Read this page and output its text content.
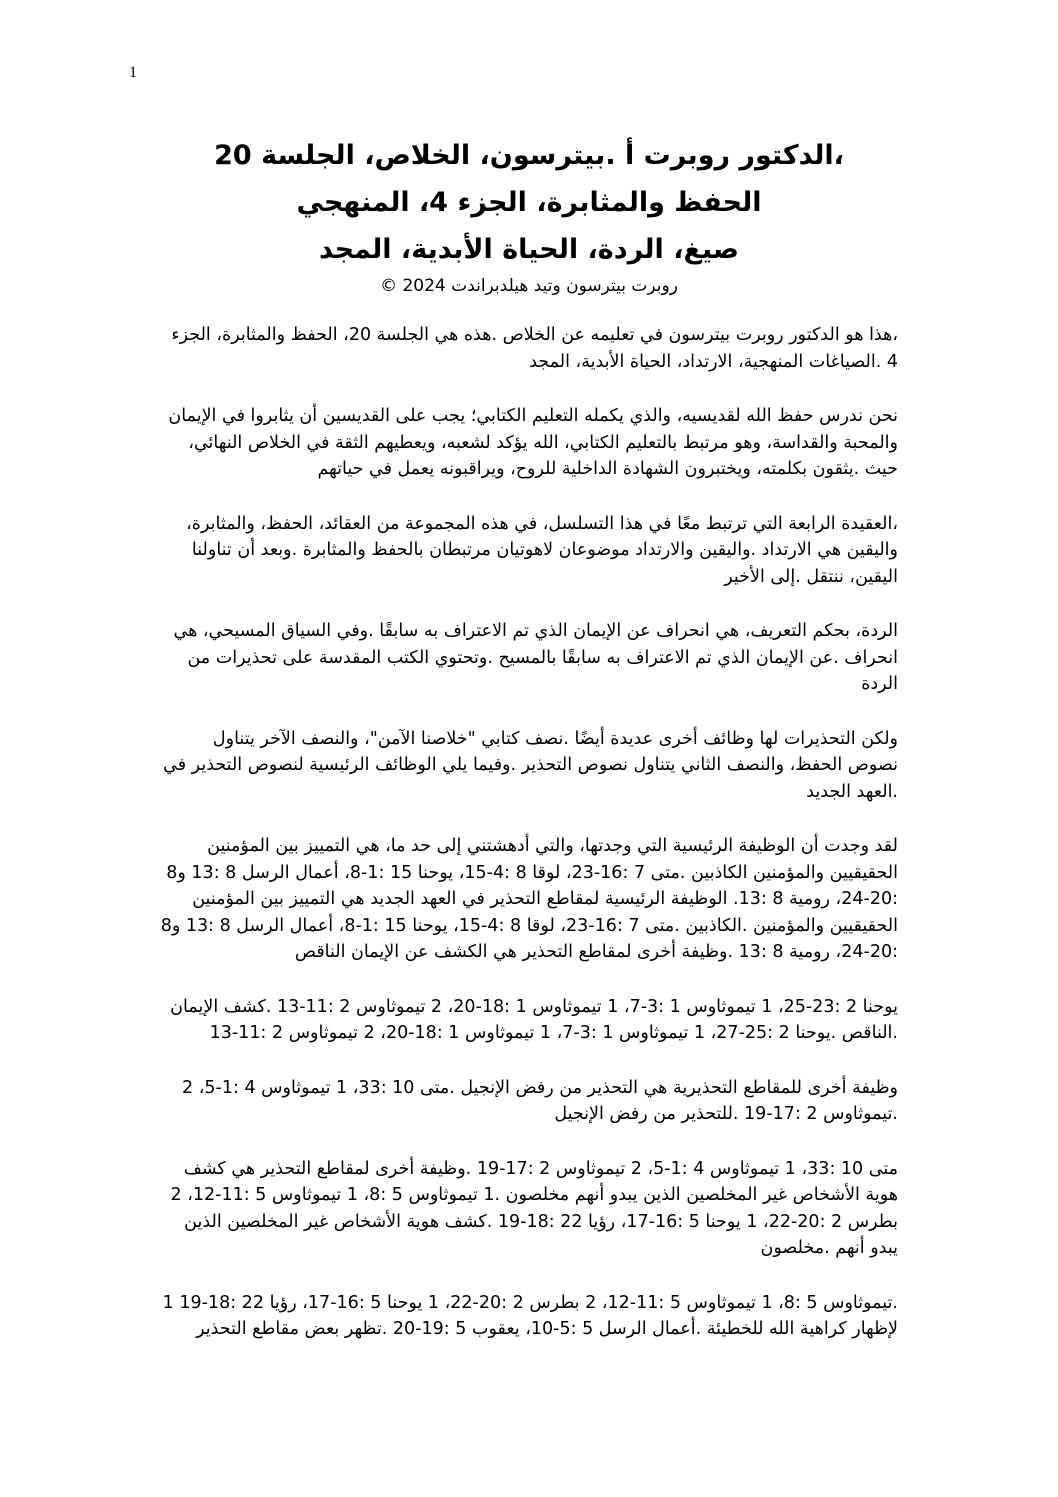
1

،الدكتور روبرت أ .بيترسون، الخلاص، الجلسة 20

الحفظ والمثابرة، الجزء 4، المنهجي

صيغ، الردة، الحياة الأبدية، المجد

روبرت بيترسون وتيد هيلدبراندت 2024 ©

،هذا هو الدكتور روبرت بيترسون في تعليمه عن الخلاص .هذه هي الجلسة 20، الحفظ والمثابرة، الجزء 4 .الصياغات المنهجية، الارتداد، الحياة الأبدية، المجد

نحن ندرس حفظ الله لقديسيه، والذي يكمله التعليم الكتابي؛ يجب على القديسين أن يثابروا في الإيمان والمحبة والقداسة، وهو مرتبط بالتعليم الكتابي، الله يؤكد لشعبه، ويعطيهم الثقة في الخلاص النهائي، حيث .يثقون بكلمته، ويختبرون الشهادة الداخلية للروح، ويراقبونه يعمل في حياتهم

،العقيدة الرابعة التي ترتبط معًا في هذا التسلسل، في هذه المجموعة من العقائد، الحفظ، والمثابرة، واليقين هي الارتداد .واليقين والارتداد موضوعان لاهوتيان مرتبطان بالحفظ والمثابرة .وبعد أن تناولنا اليقين، ننتقل .إلى الأخير

الردة، بحكم التعريف، هي انحراف عن الإيمان الذي تم الاعتراف به سابقًا .وفي السياق المسيحي، هي انحراف .عن الإيمان الذي تم الاعتراف به سابقًا بالمسيح .وتحتوي الكتب المقدسة على تحذيرات من الردة

ولكن التحذيرات لها وظائف أخرى عديدة أيضًا .نصف كتابي "خلاصنا الآمن"، والنصف الآخر يتناول نصوص الحفظ، والنصف الثاني يتناول نصوص التحذير .وفيما يلي الوظائف الرئيسية لنصوص التحذير في .العهد الجديد

لقد وجدت أن الوظيفة الرئيسية التي وجدتها، والتي أدهشتني إلى حد ما، هي التمييز بين المؤمنين الحقيقيين والمؤمنين الكاذبين .متى 7 :16-23، لوقا 8 :4-15، يوحنا 15 :1-8، أعمال الرسل 8 :13 و8 :20-24، رومية 8 :13. الوظيفة الرئيسية لمقاطع التحذير في العهد الجديد هي التمييز بين المؤمنين الحقيقيين والمؤمنين .الكاذبين .متى 7 :16-23، لوقا 8 :4-15، يوحنا 15 :1-8، أعمال الرسل 8 :13 و8 :20-24، رومية 8 :13 .وظيفة أخرى لمقاطع التحذير هي الكشف عن الإيمان الناقص

يوحنا 2 :23-25، 1 تيموثاوس 1 :3-7، 1 تيموثاوس 1 :18-20، 2 تيموثاوس 2 :11-13 .كشف الإيمان .الناقص .يوحنا 2 :25-27، 1 تيموثاوس 1 :3-7، 1 تيموثاوس 1 :18-20، 2 تيموثاوس 2 :11-13

وظيفة أخرى للمقاطع التحذيرية هي التحذير من رفض الإنجيل .متى 10 :33، 1 تيموثاوس 4 :1-5، 2 .تيموثاوس 2 :17-19 .للتحذير من رفض الإنجيل

متى 10 :33، 1 تيموثاوس 4 :1-5، 2 تيموثاوس 2 :17-19 .وظيفة أخرى لمقاطع التحذير هي كشف هوية الأشخاص غير المخلصين الذين يبدو أنهم مخلصون .1 تيموثاوس 5 :8، 1 تيموثاوس 5 :11-12، 2 بطرس 2 :20-22، 1 يوحنا 5 :16-17، رؤيا 22 :18-19 .كشف هوية الأشخاص غير المخلصين الذين يبدو أنهم .مخلصون

.تيموثاوس 5 :8، 1 تيموثاوس 5 :11-12، 2 بطرس 2 :20-22، 1 يوحنا 5 :16-17، رؤيا 22 :18-19 1 لإظهار كراهية الله للخطيئة .أعمال الرسل 5 :5-10، يعقوب 5 :19-20 .تظهر بعض مقاطع التحذير
